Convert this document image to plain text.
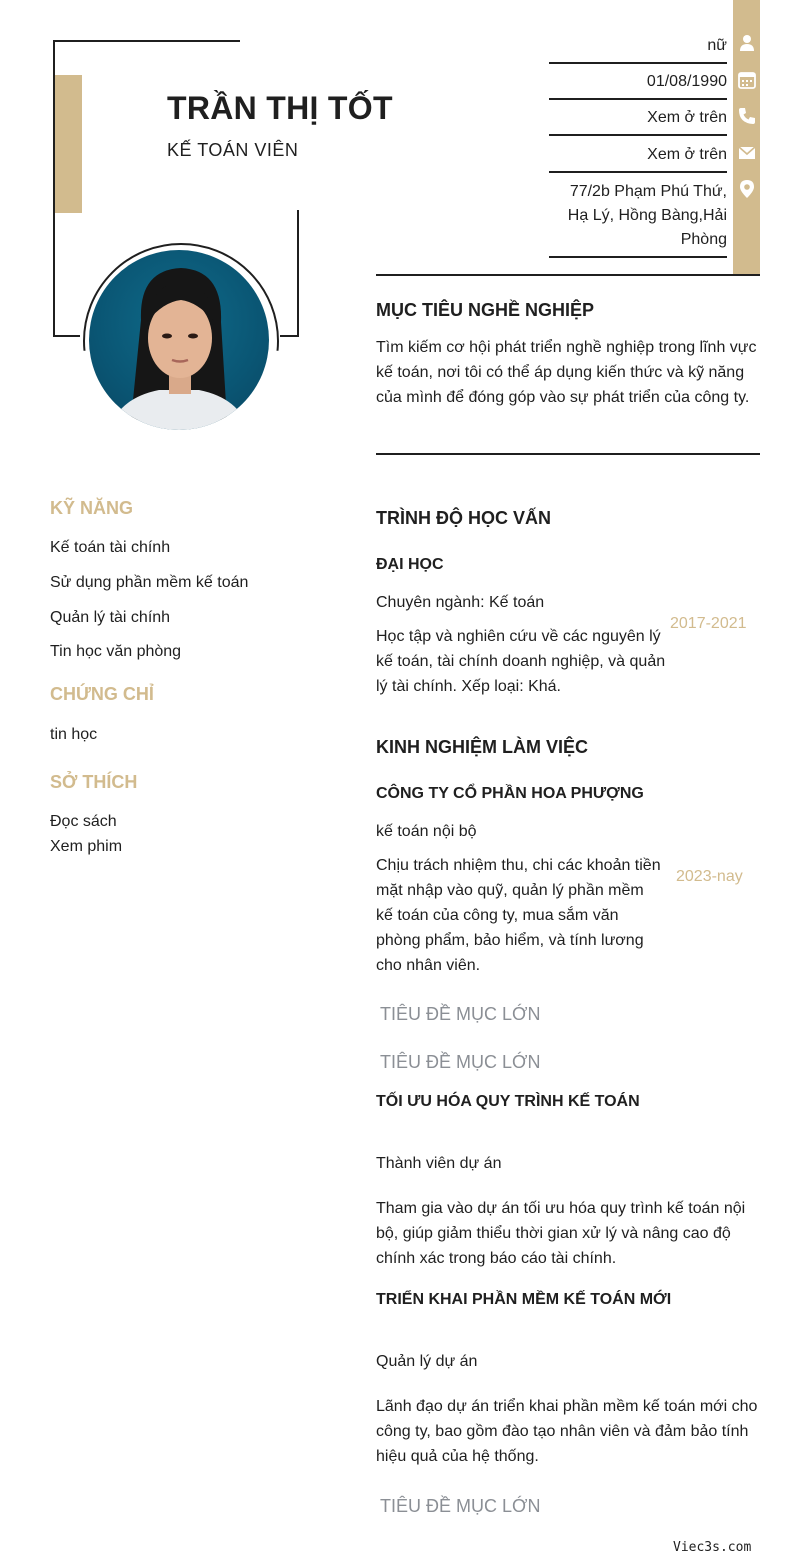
TRẦN THỊ TỐT
KẾ TOÁN VIÊN
nữ
01/08/1990
Xem ở trên
Xem ở trên
77/2b Phạm Phú Thứ, Hạ Lý, Hồng Bàng,Hải Phòng
MỤC TIÊU NGHỀ NGHIỆP
Tìm kiếm cơ hội phát triển nghề nghiệp trong lĩnh vực kế toán, nơi tôi có thể áp dụng kiến thức và kỹ năng của mình để đóng góp vào sự phát triển của công ty.
KỸ NĂNG
Kế toán tài chính
Sử dụng phần mềm kế toán
Quản lý tài chính
Tin học văn phòng
CHỨNG CHỈ
tin học
SỞ THÍCH
Đọc sách
Xem phim
TRÌNH ĐỘ HỌC VẤN
ĐẠI HỌC
Chuyên ngành: Kế toán
Học tập và nghiên cứu về các nguyên lý kế toán, tài chính doanh nghiệp, và quản lý tài chính. Xếp loại: Khá.
2017-2021
KINH NGHIỆM LÀM VIỆC
CÔNG TY CỔ PHẦN HOA PHƯỢNG
kế toán nội bộ
Chịu trách nhiệm thu, chi các khoản tiền mặt nhập vào quỹ, quản lý phần mềm kế toán của công ty, mua sắm văn phòng phẩm, bảo hiểm, và tính lương cho nhân viên.
2023-nay
TIÊU ĐỀ MỤC LỚN
TIÊU ĐỀ MỤC LỚN
TỐI ƯU HÓA QUY TRÌNH KẾ TOÁN
Thành viên dự án
Tham gia vào dự án tối ưu hóa quy trình kế toán nội bộ, giúp giảm thiểu thời gian xử lý và nâng cao độ chính xác trong báo cáo tài chính.
TRIỂN KHAI PHẦN MỀM KẾ TOÁN MỚI
Quản lý dự án
Lãnh đạo dự án triển khai phần mềm kế toán mới cho công ty, bao gồm đào tạo nhân viên và đảm bảo tính hiệu quả của hệ thống.
TIÊU ĐỀ MỤC LỚN
Viec3s.com
